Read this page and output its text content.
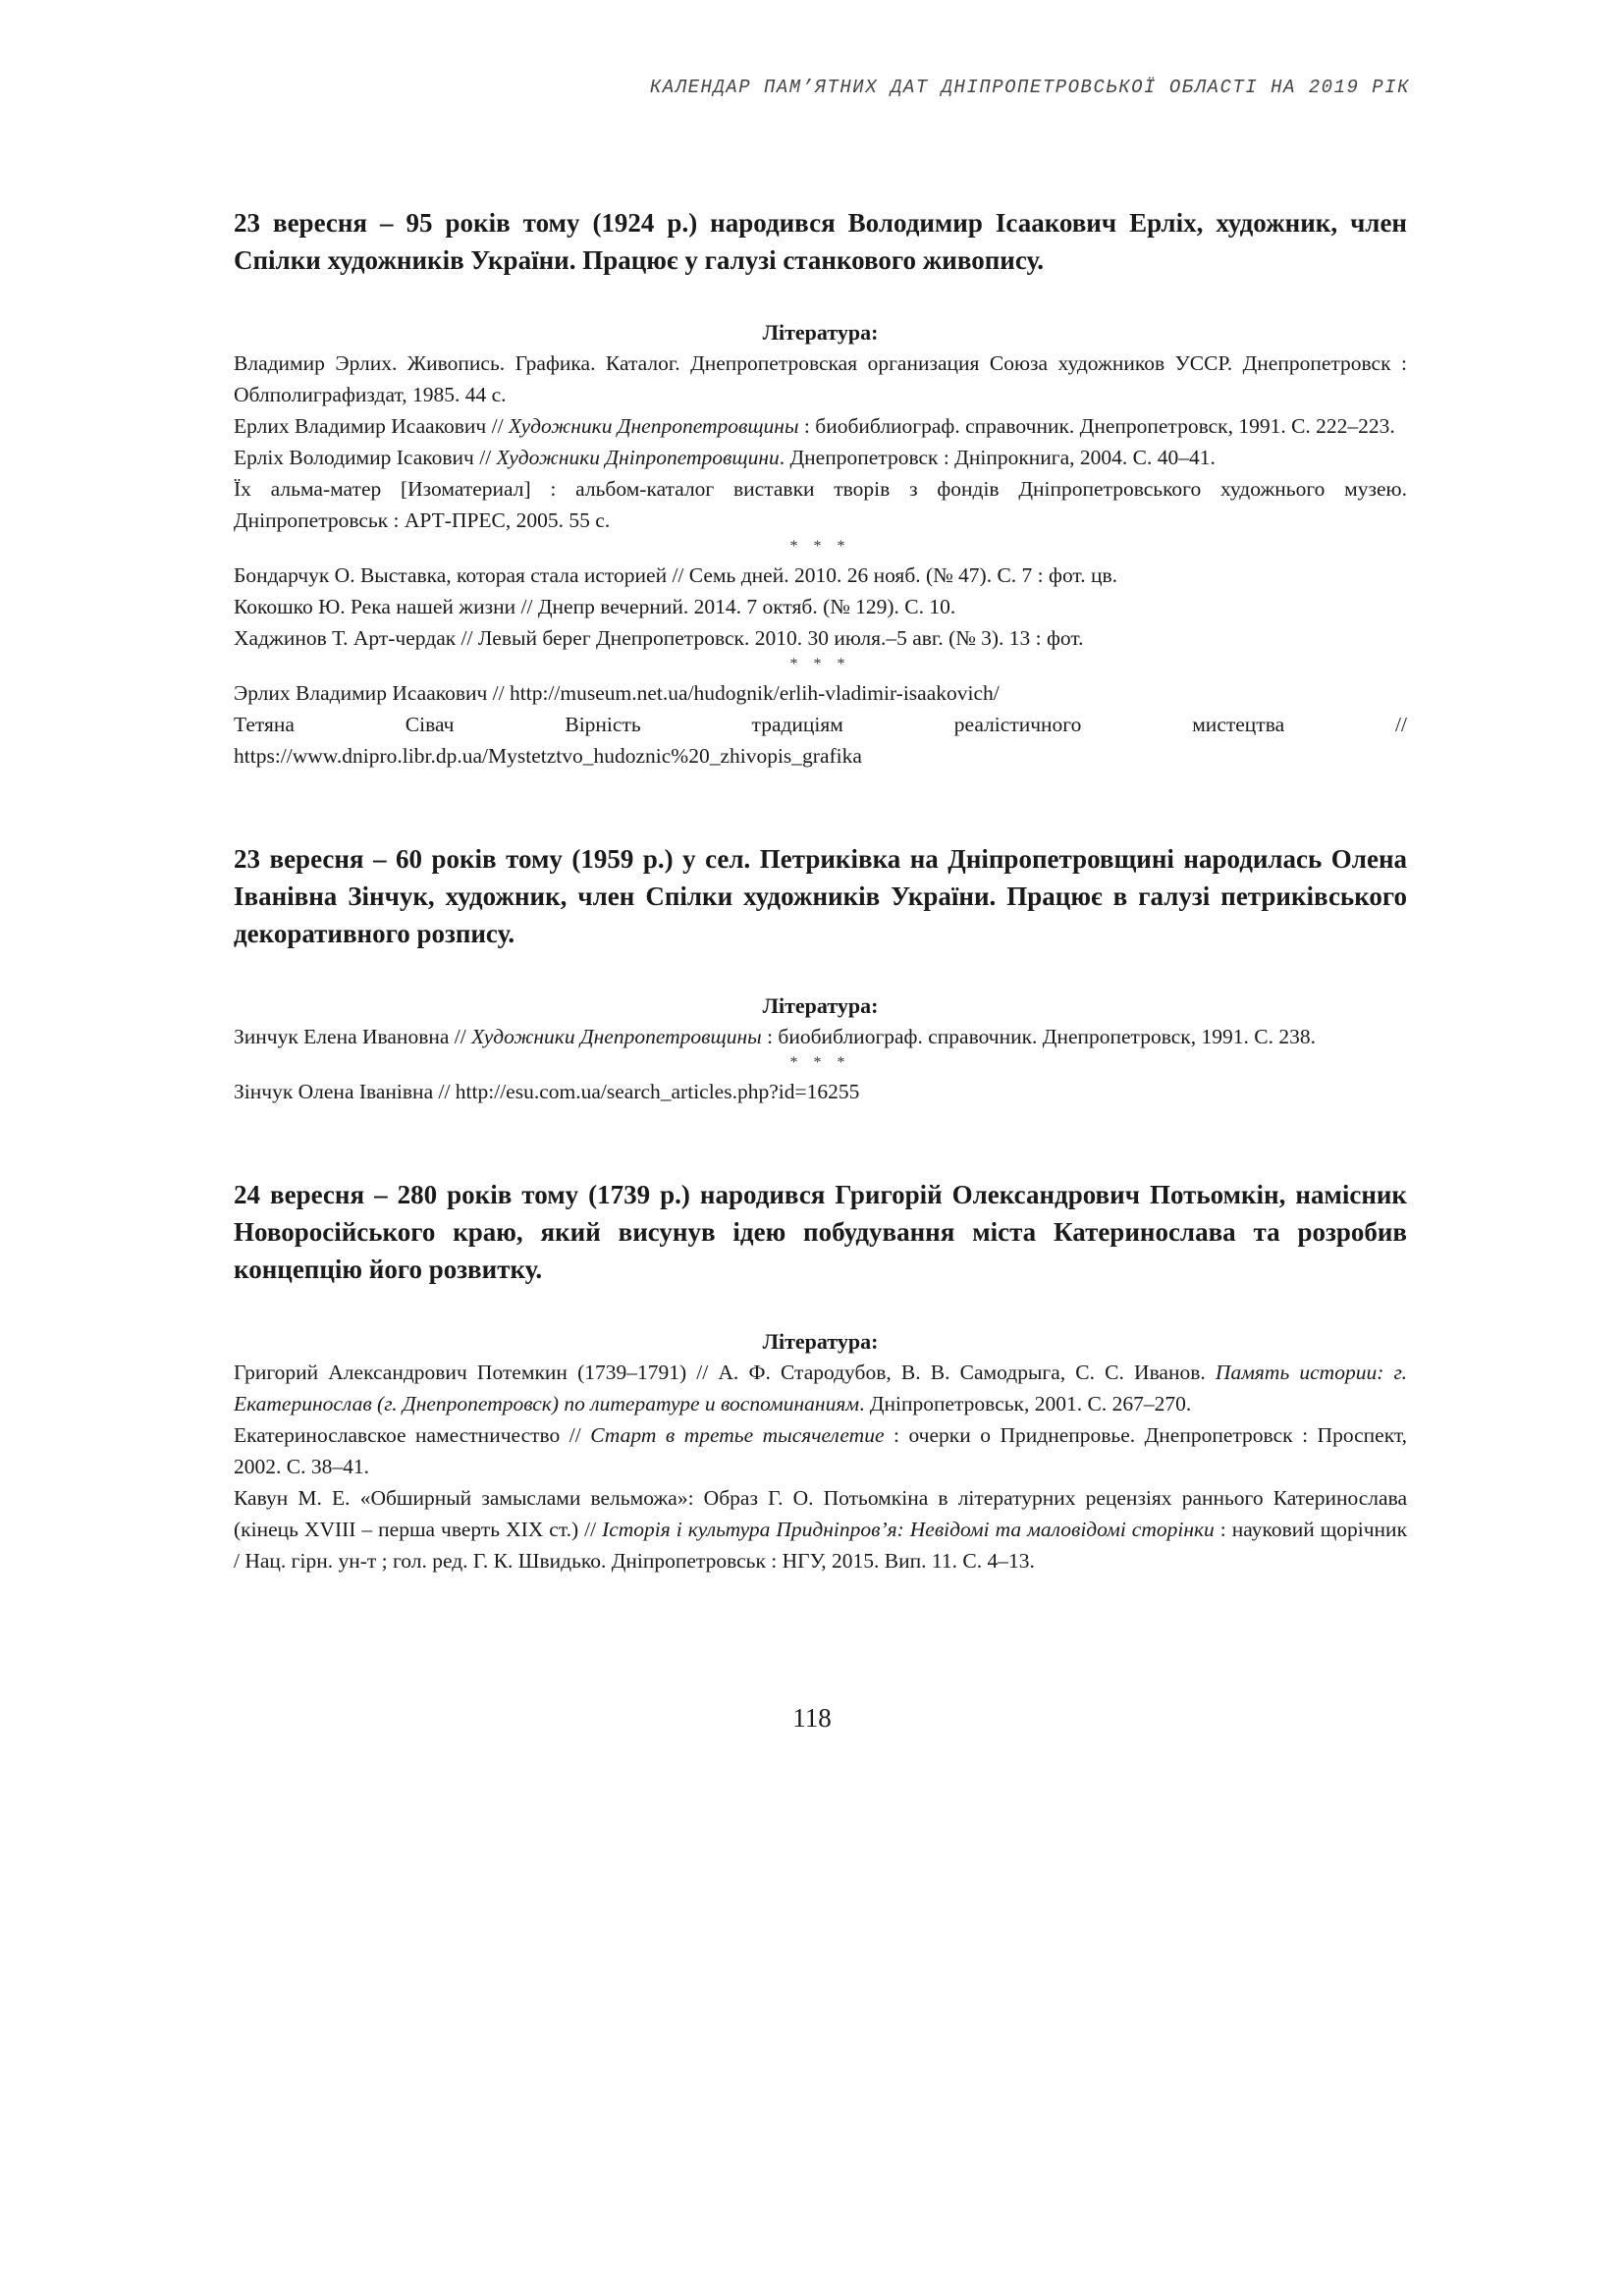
КАЛЕНДАР ПАМ’ЯТНИХ ДАТ ДНІПРОПЕТРОВСЬКОЇ ОБЛАСТІ НА 2019 РІК
23 вересня – 95 років тому (1924 р.) народився Володимир Ісаакович Ерліх, художник, член Спілки художників України. Працює у галузі станкового живопису.

Література:

Владимир Эрлих. Живопись. Графика. Каталог. Днепропетровская организация Союза художников УССР. Днепропетровск : Облполиграфиздат, 1985. 44 с.

Ерлих Владимир Исаакович // Художники Днепропетровщины : биобиблиограф. справочник. Днепропетровск, 1991. С. 222–223.

Ерліх Володимир Ісакович // Художники Дніпропетровщини. Днепропетровск : Дніпрокнига, 2004. С. 40–41.

Їх альма-матер [Изоматериал] : альбом-каталог виставки творів з фондів Дніпропетровського художнього музею. Дніпропетровськ : АРТ-ПРЕС, 2005. 55 с.

* * *

Бондарчук О. Выставка, которая стала историей // Семь дней. 2010. 26 нояб. (№ 47). С. 7 : фот. цв.

Кокошко Ю. Река нашей жизни // Днепр вечерний. 2014. 7 октяб. (№ 129). С. 10.

Хаджинов Т. Арт-чердак // Левый берег Днепропетровск. 2010. 30 июля.–5 авг. (№ 3). 13 : фот.

* * *

Эрлих Владимир Исаакович // http://museum.net.ua/hudognik/erlih-vladimir-isaakovich/

Тетяна	Сівач	Вірність	традиціям	реалістичного	мистецтва	//

https://www.dnipro.libr.dp.ua/Mystetztvo_hudoznic%20_zhivopis_grafika

23 вересня – 60 років тому (1959 р.) у сел. Петриківка на Дніпропетровщині народилась Олена Іванівна Зінчук, художник, член Спілки художників України. Працює в галузі петриківського декоративного розпису.

Література:

Зинчук Елена Ивановна // Художники Днепропетровщины : биобиблиограф. справочник. Днепропетровск, 1991. С. 238.

* * *

Зінчук Олена Іванівна // http://esu.com.ua/search_articles.php?id=16255

24 вересня – 280 років тому (1739 р.) народився Григорій Олександрович Потьомкін, намісник Новоросійського краю, який висунув ідею побудування міста Катеринослава та розробив концепцію його розвитку.

Література:

Григорий Александрович Потемкин (1739–1791) // А. Ф. Стародубов, В. В. Самодрыга, С. С. Иванов. Память истории: г. Екатеринослав (г. Днепропетровск) по литературе и воспоминаниям. Дніпропетровськ, 2001. С. 267–270.

Екатеринославское наместничество // Старт в третье тысячелетие : очерки о Приднепровье. Днепропетровск : Проспект, 2002. С. 38–41.

Кавун М. Е. «Обширный замыслами вельможа»: Образ Г. О. Потьомкіна в літературних рецензіях раннього Катеринослава (кінець XVIII – перша чверть XIX ст.) // Історія і культура Придніпров’я: Невідомі та маловідомі сторінки : науковий щорічник / Нац. гірн. ун-т ; гол. ред. Г. К. Швидько. Дніпропетровськ : НГУ, 2015. Вип. 11. С. 4–13.

118
